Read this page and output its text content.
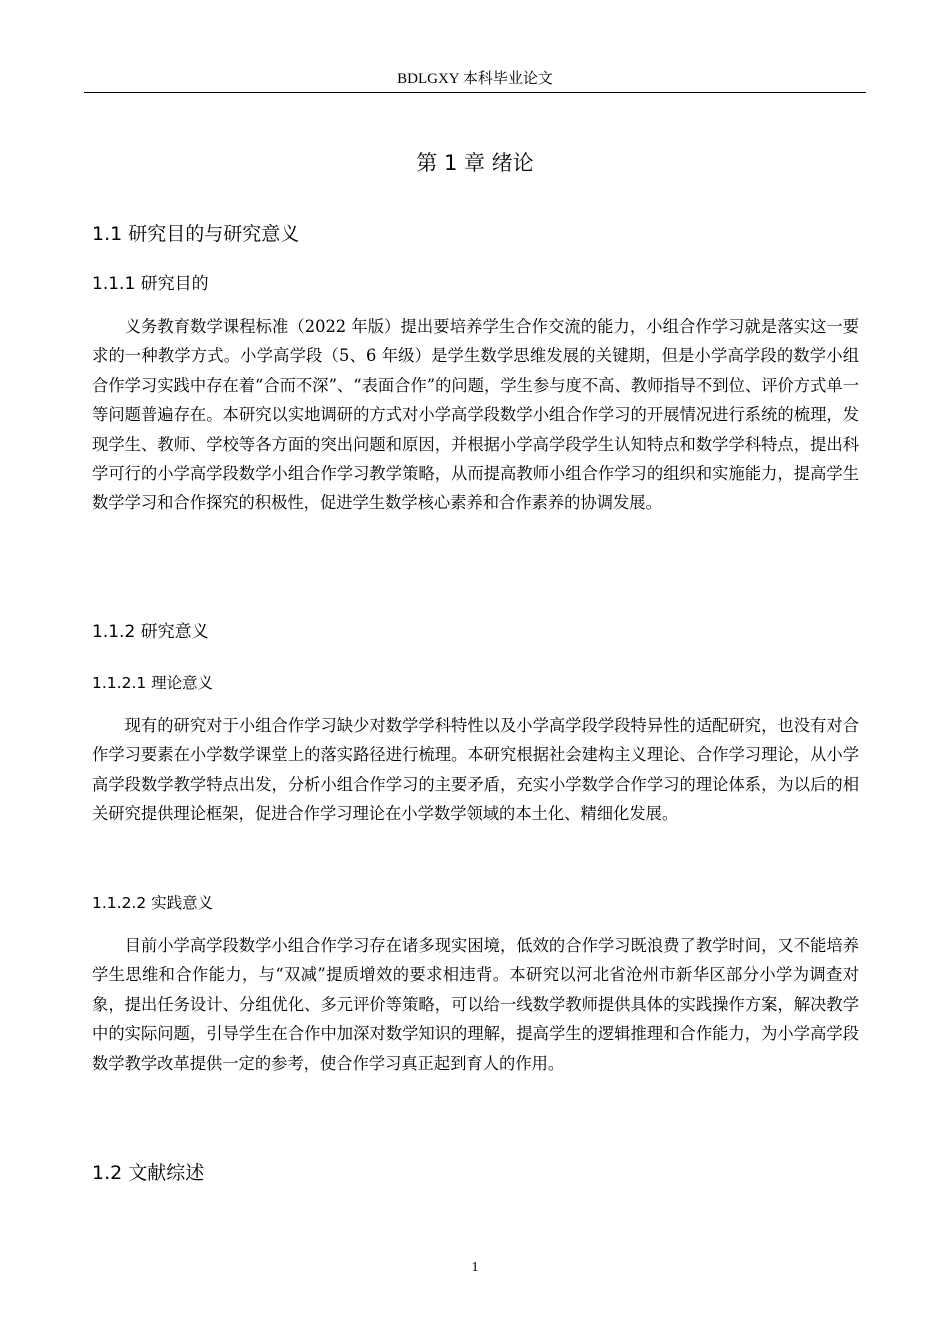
BDLGXY 本科毕业论文
第 1 章 绪论
1.1 研究目的与研究意义
1.1.1 研究目的

义务教育数学课程标准（2022 年版）提出要培养学生合作交流的能力，小组合作学习就是落实这一要求的一种教学方式。小学高学段（5、6 年级）是学生数学思维发展的关键期，但是小学高学段的数学小组合作学习实践中存在着“合而不深”、“表面合作”的问题，学生参与度不高、教师指导不到位、评价方式单一等问题普遍存在。本研究以实地调研的方式对小学高学段数学小组合作学习的开展情况进行系统的梳理，发现学生、教师、学校等各方面的突出问题和原因，并根据小学高学段学生认知特点和数学学科特点，提出科学可行的小学高学段数学小组合作学习教学策略，从而提高教师小组合作学习的组织和实施能力，提高学生数学学习和合作探究的积极性，促进学生数学核心素养和合作素养的协调发展。

1.1.2 研究意义
1.1.2.1 理论意义

现有的研究对于小组合作学习缺少对数学学科特性以及小学高学段学段特异性的适配研究，也没有对合作学习要素在小学数学课堂上的落实路径进行梳理。本研究根据社会建构主义理论、合作学习理论，从小学高学段数学教学特点出发，分析小组合作学习的主要矛盾，充实小学数学合作学习的理论体系，为以后的相关研究提供理论框架，促进合作学习理论在小学数学领域的本土化、精细化发展。

1.1.2.2 实践意义

目前小学高学段数学小组合作学习存在诸多现实困境，低效的合作学习既浪费了教学时间，又不能培养学生思维和合作能力，与“双减”提质增效的要求相违背。本研究以河北省沧州市新华区部分小学为调查对象，提出任务设计、分组优化、多元评价等策略，可以给一线数学教师提供具体的实践操作方案，解决教学中的实际问题，引导学生在合作中加深对数学知识的理解，提高学生的逻辑推理和合作能力，为小学高学段数学教学改革提供一定的参考，使合作学习真正起到育人的作用。

1.2 文献综述
1
